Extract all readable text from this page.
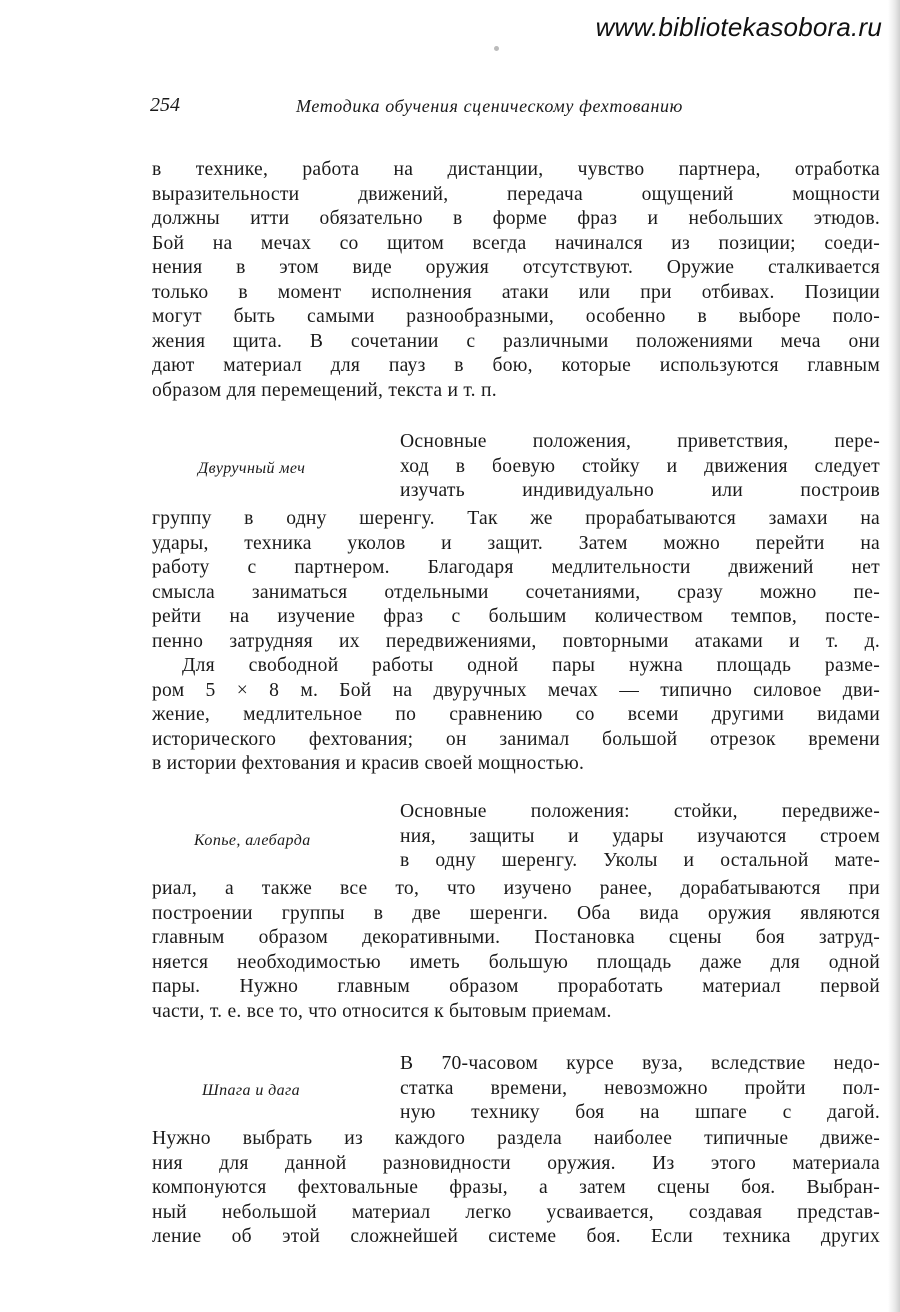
www.bibliotekasobora.ru
254	Методика обучения сценическому фехтованию
в технике, работа на дистанции, чувство партнера, отработка
выразительности движений, передача ощущений мощности
должны итти обязательно в форме фраз и небольших этюдов.
Бой на мечах со щитом всегда начинался из позиции; соеди-
нения в этом виде оружия отсутствуют. Оружие сталкивается
только в момент исполнения атаки или при отбивах. Позиции
могут быть самыми разнообразными, особенно в выборе поло-
жения щита. В сочетании с различными положениями меча они
дают материал для пауз в бою, которые используются главным
образом для перемещений, текста и т. п.
Двуручный меч
Основные положения, приветствия, пере-
ход в боевую стойку и движения следует
изучать индивидуально или построив
группу в одну шеренгу. Так же прорабатываются замахи на
удары, техника уколов и защит. Затем можно перейти на
работу с партнером. Благодаря медлительности движений нет
смысла заниматься отдельными сочетаниями, сразу можно пе-
рейти на изучение фраз с большим количеством темпов, посте-
пенно затрудняя их передвижениями, повторными атаками и т. д.
Для свободной работы одной пары нужна площадь разме-
ром 5 × 8 м. Бой на двуручных мечах — типично силовое дви-
жение, медлительное по сравнению со всеми другими видами
исторического фехтования; он занимал большой отрезок времени
в истории фехтования и красив своей мощностью.
Копье, алебарда
Основные положения: стойки, передвиже-
ния, защиты и удары изучаются строем
в одну шеренгу. Уколы и остальной мате-
риал, а также все то, что изучено ранее, дорабатываются при
построении группы в две шеренги. Оба вида оружия являются
главным образом декоративными. Постановка сцены боя затруд-
няется необходимостью иметь большую площадь даже для одной
пары. Нужно главным образом проработать материал первой
части, т. е. все то, что относится к бытовым приемам.
Шпага и дага
В 70-часовом курсе вуза, вследствие недо-
статка времени, невозможно пройти пол-
ную технику боя на шпаге с дагой.
Нужно выбрать из каждого раздела наиболее типичные движе-
ния для данной разновидности оружия. Из этого материала
компонуются фехтовальные фразы, а затем сцены боя. Выбран-
ный небольшой материал легко усваивается, создавая представ-
ление об этой сложнейшей системе боя. Если техника других
